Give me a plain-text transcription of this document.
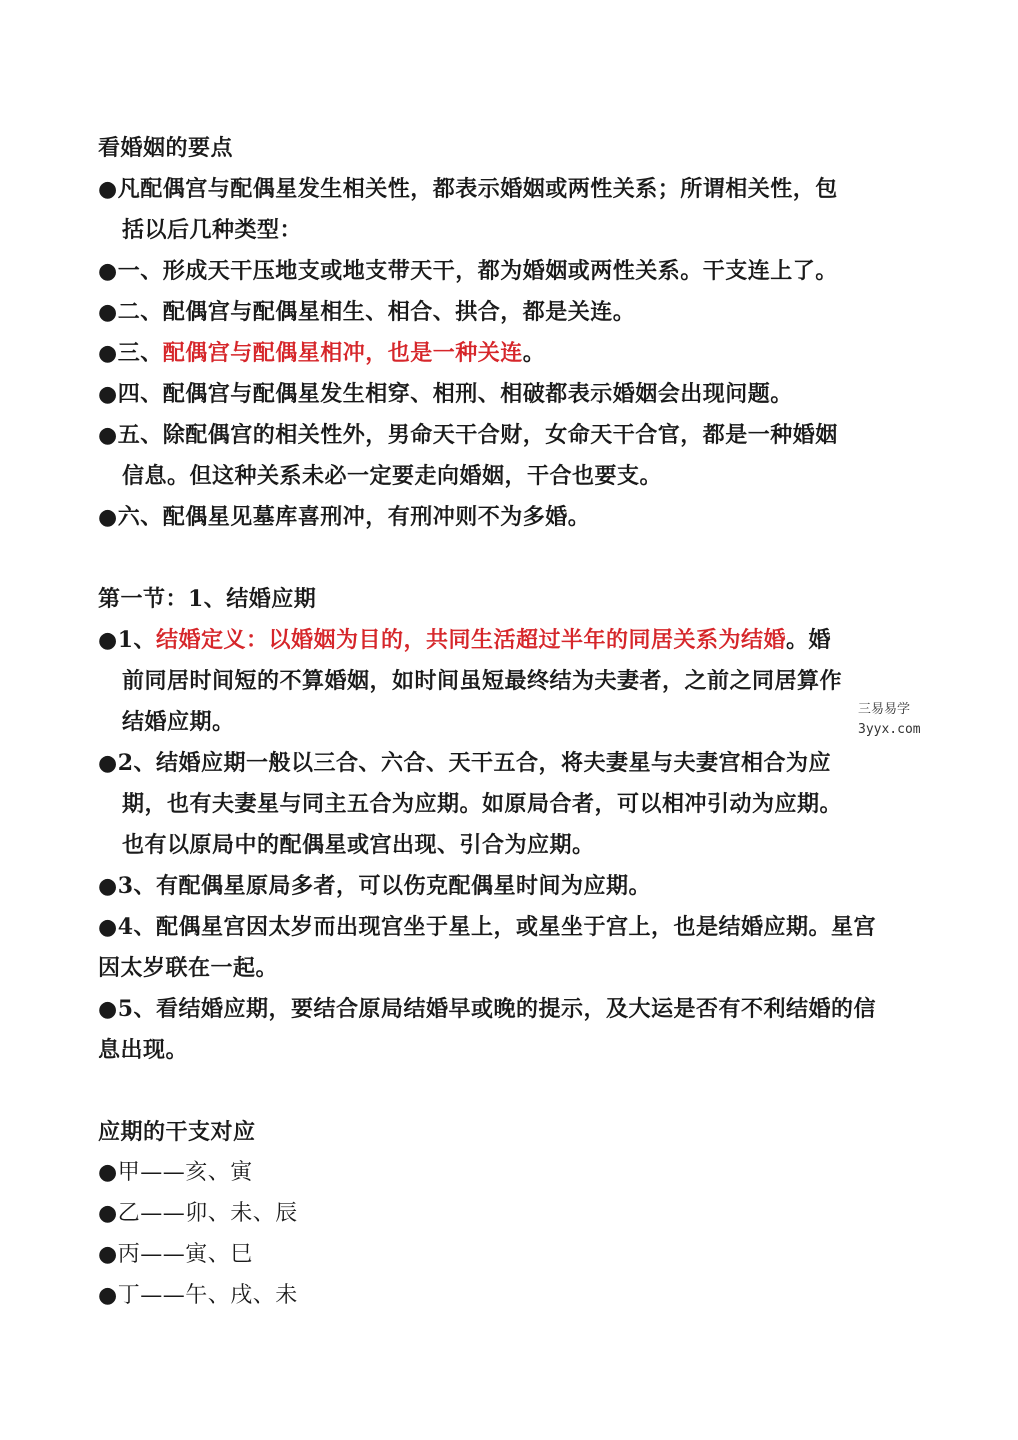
看婚姻的要点
●凡配偶宫与配偶星发生相关性，都表示婚姻或两性关系；所谓相关性，包
括以后几种类型：
●一、形成天干压地支或地支带天干，都为婚姻或两性关系。干支连上了。
●二、配偶宫与配偶星相生、相合、拱合，都是关连。
●三、配偶宫与配偶星相冲，也是一种关连。
●四、配偶宫与配偶星发生相穿、相刑、相破都表示婚姻会出现问题。
●五、除配偶宫的相关性外，男命天干合财，女命天干合官，都是一种婚姻
信息。但这种关系未必一定要走向婚姻，干合也要支。
●六、配偶星见墓库喜刑冲，有刑冲则不为多婚。
第一节：1、结婚应期
●1、结婚定义：以婚姻为目的，共同生活超过半年的同居关系为结婚。婚
前同居时间短的不算婚姻，如时间虽短最终结为夫妻者，之前之同居算作
结婚应期。
●2、结婚应期一般以三合、六合、天干五合，将夫妻星与夫妻宫相合为应
期，也有夫妻星与同主五合为应期。如原局合者，可以相冲引动为应期。
也有以原局中的配偶星或宫出现、引合为应期。
●3、有配偶星原局多者，可以伤克配偶星时间为应期。
●4、配偶星宫因太岁而出现宫坐于星上，或星坐于宫上，也是结婚应期。星宫
因太岁联在一起。
●5、看结婚应期，要结合原局结婚早或晚的提示，及大运是否有不利结婚的信
息出现。
应期的干支对应
●甲——亥、寅
●乙——卯、未、辰
●丙——寅、巳
●丁——午、戌、未
三易易学
3yyx.com
